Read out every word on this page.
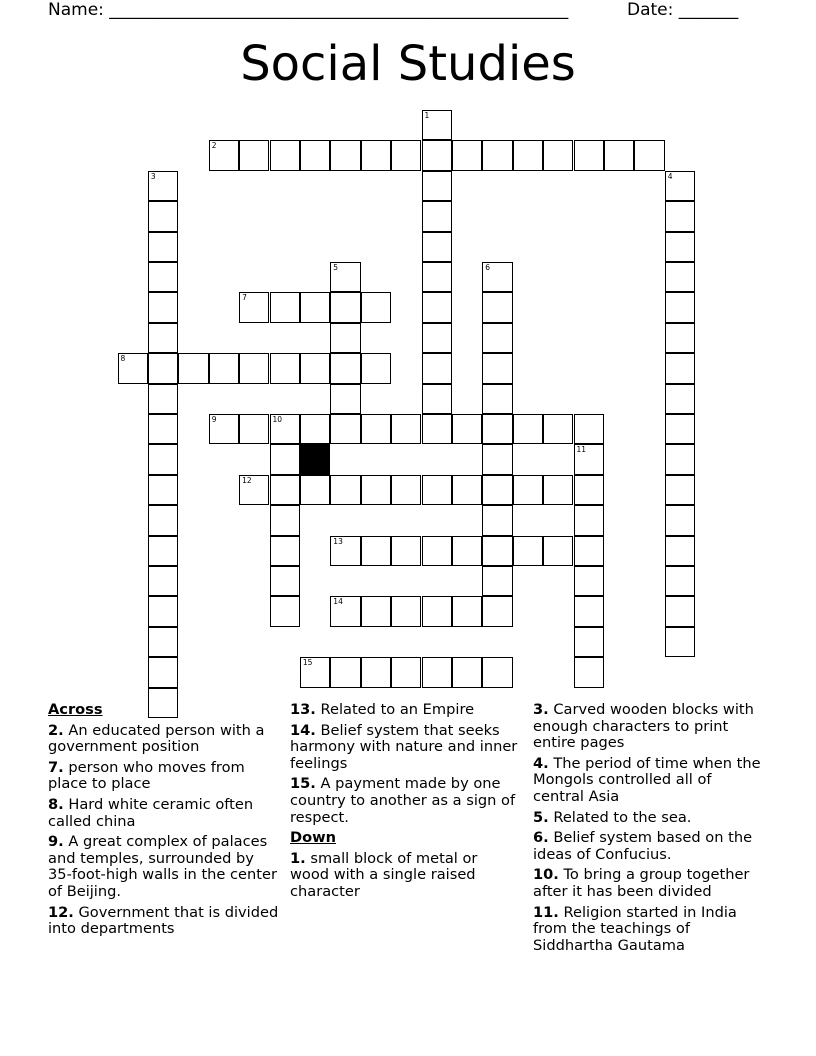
Name: ______________________________________________________	Date: _______
Social Studies
1
2
3	4
5	6
7
8
9	10
11
12
13
14
15
Across
2. An educated person with a government position
7. person who moves from place to place
8. Hard white ceramic often called china
9. A great complex of palaces and temples, surrounded by 35-foot-high walls in the center of Beijing.
12. Government that is divided into departments
13. Related to an Empire
14. Belief system that seeks harmony with nature and inner feelings
15. A payment made by one country to another as a sign of respect.
Down
1. small block of metal or wood with a single raised character
3. Carved wooden blocks with enough characters to print entire pages
4. The period of time when the Mongols controlled all of central Asia
5. Related to the sea.
6. Belief system based on the ideas of Confucius.
10. To bring a group together after it has been divided
11. Religion started in India from the teachings of Siddhartha Gautama
